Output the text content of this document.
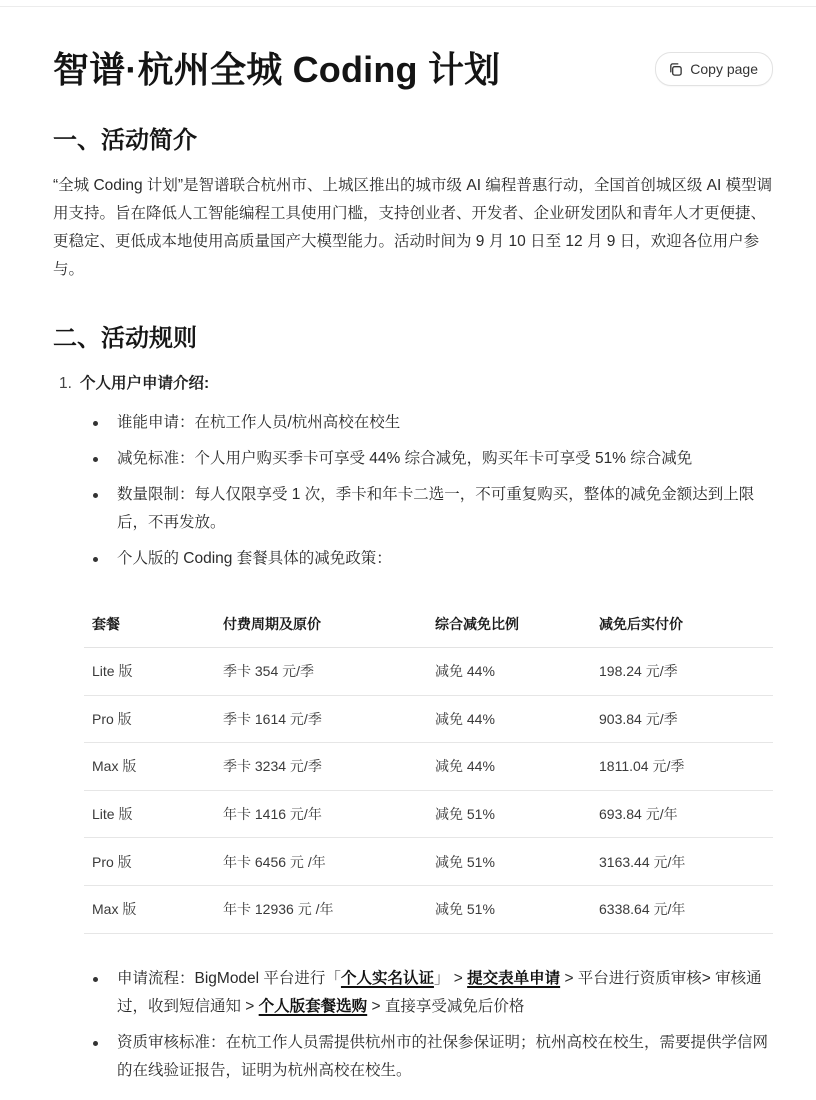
智谱·杭州全城 Coding 计划	Copy page
一、活动简介

“全城 Coding 计划”是智谱联合杭州市、上城区推出的城市级 AI 编程普惠行动，全国首创城区级 AI 模型调用支持。旨在降低人工智能编程工具使用门槛，支持创业者、开发者、企业研发团队和青年人才更便捷、更稳定、更低成本地使用高质量国产大模型能力。活动时间为 9 月 10 日至 12 月 9 日，欢迎各位用户参与。

二、活动规则
1. 个人用户申请介绍:
谁能申请：在杭工作人员/杭州高校在校生
减免标准：个人用户购买季卡可享受 44% 综合减免，购买年卡可享受 51% 综合减免
数量限制：每人仅限享受 1 次，季卡和年卡二选一，不可重复购买，整体的减免金额达到上限后，不再发放。
个人版的 Coding 套餐具体的减免政策：
套餐	付费周期及原价	综合减免比例	减免后实付价
Lite 版	季卡 354 元/季	减免 44%	198.24 元/季
Pro 版	季卡 1614 元/季	减免 44%	903.84 元/季
Max 版	季卡 3234 元/季	减免 44%	1811.04 元/季
Lite 版	年卡 1416 元/年	减免 51%	693.84 元/年
Pro 版	年卡 6456 元 /年	减免 51%	3163.44 元/年
Max 版	年卡 12936 元 /年	减免 51%	6338.64 元/年
申请流程：BigModel 平台进行「个人实名认证」 > 提交表单申请 > 平台进行资质审核> 审核通过，收到短信通知 > 个人版套餐选购 > 直接享受减免后价格
资质审核标准：在杭工作人员需提供杭州市的社保参保证明；杭州高校在校生，需要提供学信网的在线验证报告，证明为杭州高校在校生。
